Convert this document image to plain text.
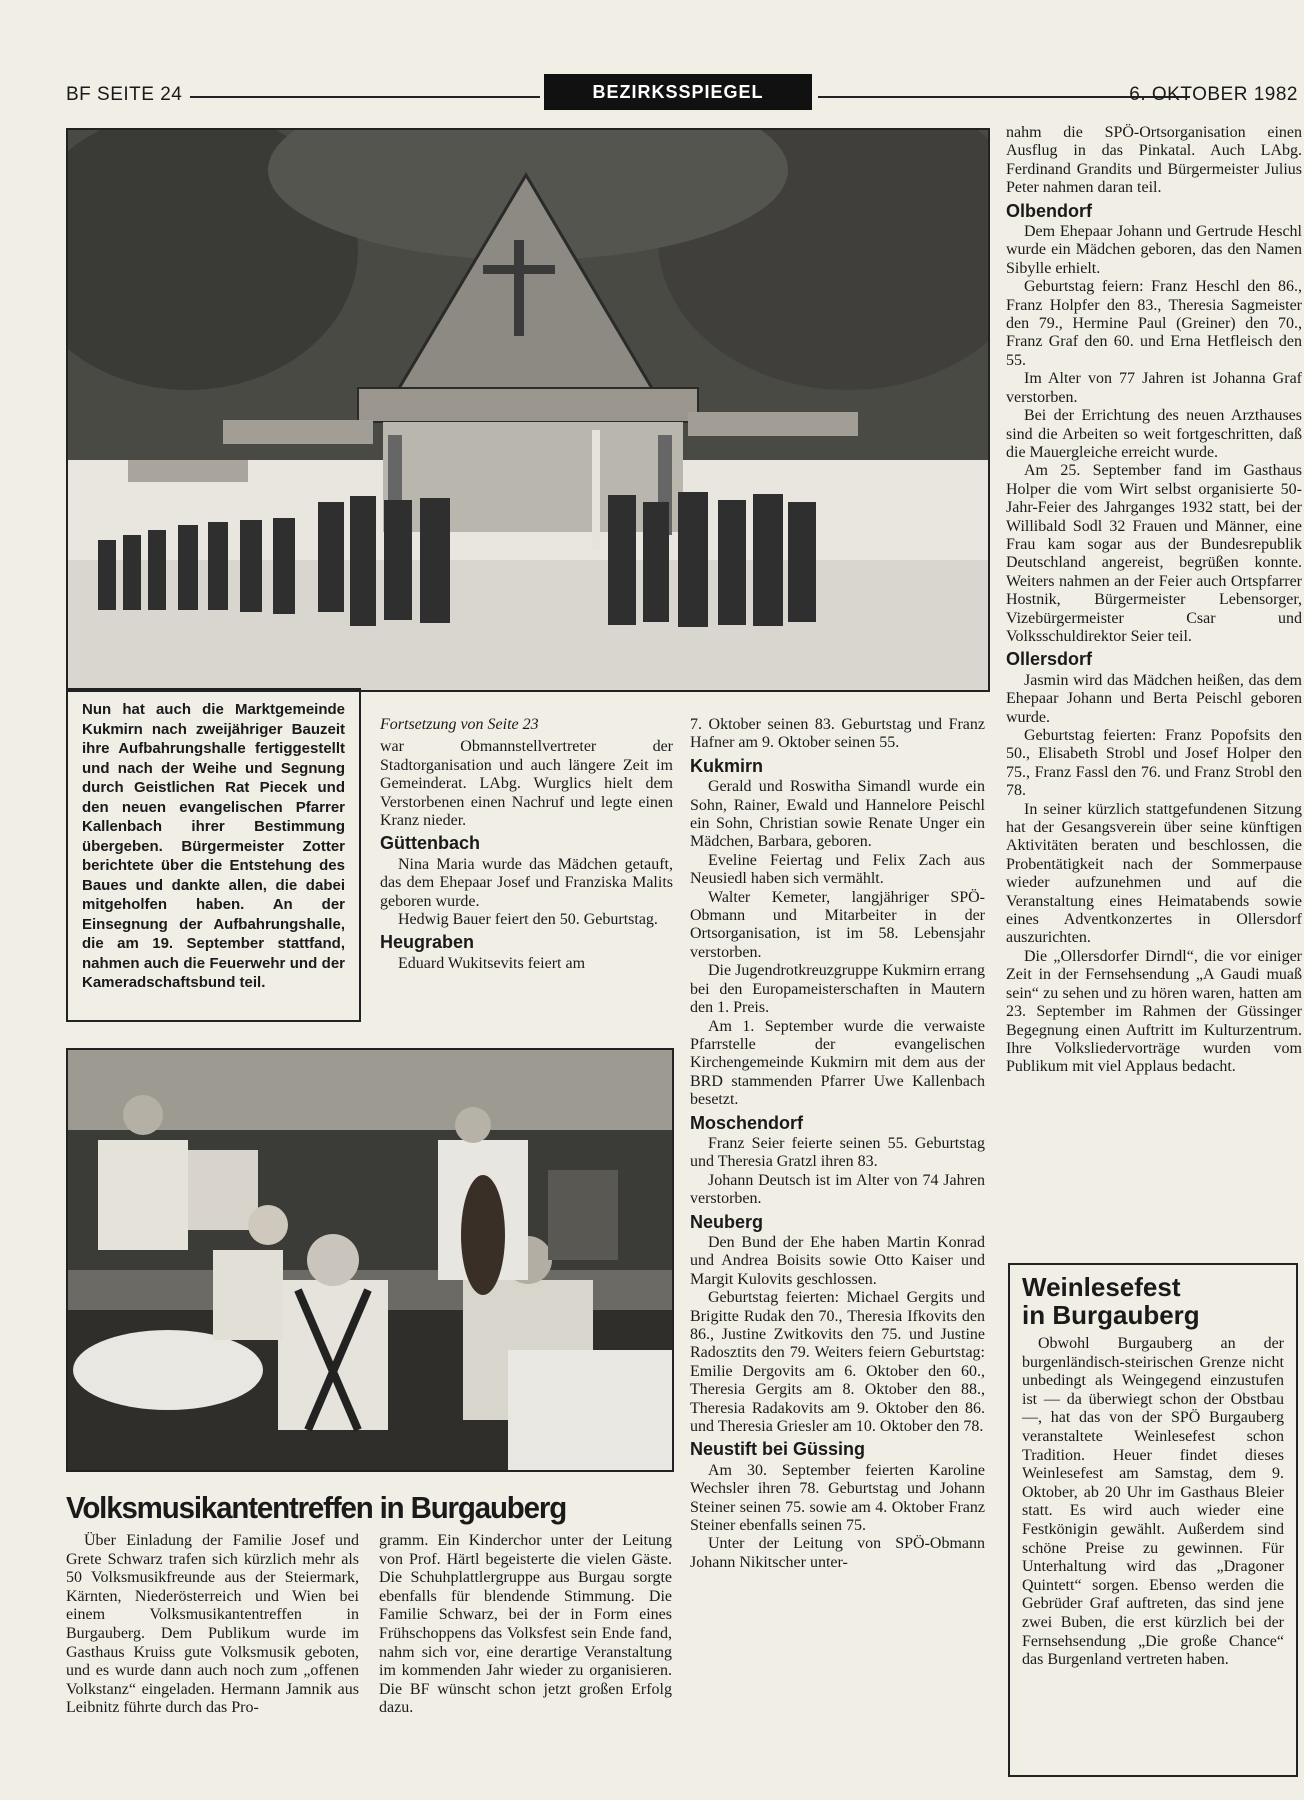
BF SEITE 24	BEZIRKSSPIEGEL	6. OKTOBER 1982
Nun hat auch die Marktgemeinde Kukmirn nach zweijähriger Bauzeit ihre Aufbahrungshalle fertiggestellt und nach der Weihe und Segnung durch Geistlichen Rat Piecek und den neuen evangelischen Pfarrer Kallenbach ihrer Bestimmung übergeben. Bürgermeister Zotter berichtete über die Entstehung des Baues und dankte allen, die dabei mitgeholfen haben. An der Einsegnung der Aufbahrungshalle, die am 19. September stattfand, nahmen auch die Feuerwehr und der Kameradschaftsbund teil.
Fortsetzung von Seite 23

war Obmannstellvertreter der Stadtorganisation und auch längere Zeit im Gemeinderat. LAbg. Wurglics hielt dem Verstorbenen einen Nachruf und legte einen Kranz nieder.

Güttenbach

Nina Maria wurde das Mädchen getauft, das dem Ehepaar Josef und Franziska Malits geboren wurde.

Hedwig Bauer feiert den 50. Geburtstag.

Heugraben

Eduard Wukitsevits feiert am

7. Oktober seinen 83. Geburtstag und Franz Hafner am 9. Oktober seinen 55.

Kukmirn

Gerald und Roswitha Simandl wurde ein Sohn, Rainer, Ewald und Hannelore Peischl ein Sohn, Christian sowie Renate Unger ein Mädchen, Barbara, geboren.

Eveline Feiertag und Felix Zach aus Neusiedl haben sich vermählt.

Walter Kemeter, langjähriger SPÖ-Obmann und Mitarbeiter in der Ortsorganisation, ist im 58. Lebensjahr verstorben.

Die Jugendrotkreuzgruppe Kukmirn errang bei den Europameisterschaften in Mautern den 1. Preis.

Am 1. September wurde die verwaiste Pfarrstelle der evangelischen Kirchengemeinde Kukmirn mit dem aus der BRD stammenden Pfarrer Uwe Kallenbach besetzt.

Moschendorf

Franz Seier feierte seinen 55. Geburtstag und Theresia Gratzl ihren 83.

Johann Deutsch ist im Alter von 74 Jahren verstorben.

Neuberg

Den Bund der Ehe haben Martin Konrad und Andrea Boisits sowie Otto Kaiser und Margit Kulovits geschlossen.

Geburtstag feierten: Michael Gergits und Brigitte Rudak den 70., Theresia Ifkovits den 86., Justine Zwitkovits den 75. und Justine Radosztits den 79. Weiters feiern Geburtstag: Emilie Dergovits am 6. Oktober den 60., Theresia Gergits am 8. Oktober den 88., Theresia Radakovits am 9. Oktober den 86. und Theresia Griesler am 10. Oktober den 78.

Neustift bei Güssing

Am 30. September feierten Karoline Wechsler ihren 78. Geburtstag und Johann Steiner seinen 75. sowie am 4. Oktober Franz Steiner ebenfalls seinen 75.

Unter der Leitung von SPÖ-Obmann Johann Nikitscher unter-

nahm die SPÖ-Ortsorganisation einen Ausflug in das Pinkatal. Auch LAbg. Ferdinand Grandits und Bürgermeister Julius Peter nahmen daran teil.

Olbendorf

Dem Ehepaar Johann und Gertrude Heschl wurde ein Mädchen geboren, das den Namen Sibylle erhielt.

Geburtstag feiern: Franz Heschl den 86., Franz Holpfer den 83., Theresia Sagmeister den 79., Hermine Paul (Greiner) den 70., Franz Graf den 60. und Erna Hetfleisch den 55.

Im Alter von 77 Jahren ist Johanna Graf verstorben.

Bei der Errichtung des neuen Arzthauses sind die Arbeiten so weit fortgeschritten, daß die Mauergleiche erreicht wurde.

Am 25. September fand im Gasthaus Holper die vom Wirt selbst organisierte 50-Jahr-Feier des Jahrganges 1932 statt, bei der Willibald Sodl 32 Frauen und Männer, eine Frau kam sogar aus der Bundesrepublik Deutschland angereist, begrüßen konnte. Weiters nahmen an der Feier auch Ortspfarrer Hostnik, Bürgermeister Lebensorger, Vizebürgermeister Csar und Volksschuldirektor Seier teil.

Ollersdorf

Jasmin wird das Mädchen heißen, das dem Ehepaar Johann und Berta Peischl geboren wurde.

Geburtstag feierten: Franz Popofsits den 50., Elisabeth Strobl und Josef Holper den 75., Franz Fassl den 76. und Franz Strobl den 78.

In seiner kürzlich stattgefundenen Sitzung hat der Gesangsverein über seine künftigen Aktivitäten beraten und beschlossen, die Probentätigkeit nach der Sommerpause wieder aufzunehmen und auf die Veranstaltung eines Heimatabends sowie eines Adventkonzertes in Ollersdorf auszurichten.

Die „Ollersdorfer Dirndl“, die vor einiger Zeit in der Fernsehsendung „A Gaudi muaß sein“ zu sehen und zu hören waren, hatten am 23. September im Rahmen der Güssinger Begegnung einen Auftritt im Kulturzentrum. Ihre Volksliedervorträge wurden vom Publikum mit viel Applaus bedacht.

Volksmusikantentreffen in Burgauberg

Über Einladung der Familie Josef und Grete Schwarz trafen sich kürzlich mehr als 50 Volksmusikfreunde aus der Steiermark, Kärnten, Niederösterreich und Wien bei einem Volksmusikantentreffen in Burgauberg. Dem Publikum wurde im Gasthaus Kruiss gute Volksmusik geboten, und es wurde dann auch noch zum „offenen Volkstanz“ eingeladen. Hermann Jamnik aus Leibnitz führte durch das Pro-

gramm. Ein Kinderchor unter der Leitung von Prof. Härtl begeisterte die vielen Gäste. Die Schuhplattlergruppe aus Burgau sorgte ebenfalls für blendende Stimmung. Die Familie Schwarz, bei der in Form eines Frühschoppens das Volksfest sein Ende fand, nahm sich vor, eine derartige Veranstaltung im kommenden Jahr wieder zu organisieren. Die BF wünscht schon jetzt großen Erfolg dazu.

Weinlesefest
in Burgauberg

Obwohl Burgauberg an der burgenländisch-steirischen Grenze nicht unbedingt als Weingegend einzustufen ist — da überwiegt schon der Obstbau —, hat das von der SPÖ Burgauberg veranstaltete Weinlesefest schon Tradition. Heuer findet dieses Weinlesefest am Samstag, dem 9. Oktober, ab 20 Uhr im Gasthaus Bleier statt. Es wird auch wieder eine Festkönigin gewählt. Außerdem sind schöne Preise zu gewinnen. Für Unterhaltung wird das „Dragoner Quintett“ sorgen. Ebenso werden die Gebrüder Graf auftreten, das sind jene zwei Buben, die erst kürzlich bei der Fernsehsendung „Die große Chance“ das Burgenland vertreten haben.
